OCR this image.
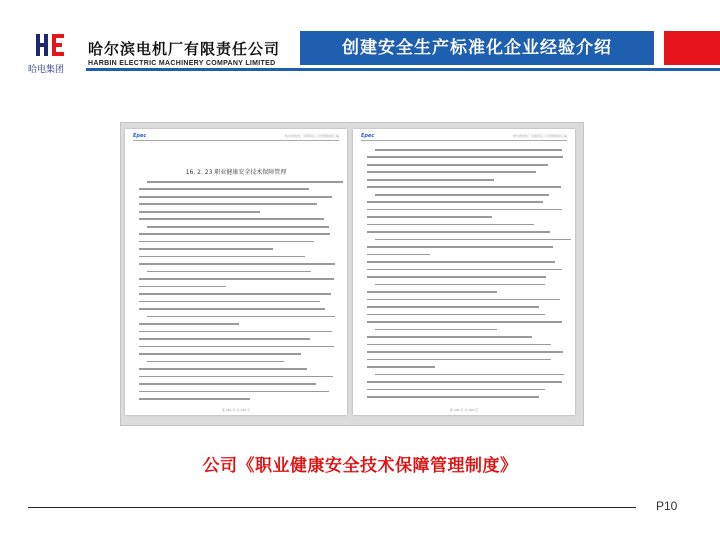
哈电集团
哈尔滨电机厂有限责任公司
HARBIN ELECTRIC MACHINERY COMPANY LIMITED
创建安全生产标准化企业经验介绍
Epec	哈尔滨电机厂有限责任公司管理制度汇编
16. 2. 23 职业健康安全技术保障管理
第 264 页 共 398 页
Epec	哈尔滨电机厂有限责任公司管理制度汇编
第 265 页 共 398 页
公司《职业健康安全技术保障管理制度》
P10
